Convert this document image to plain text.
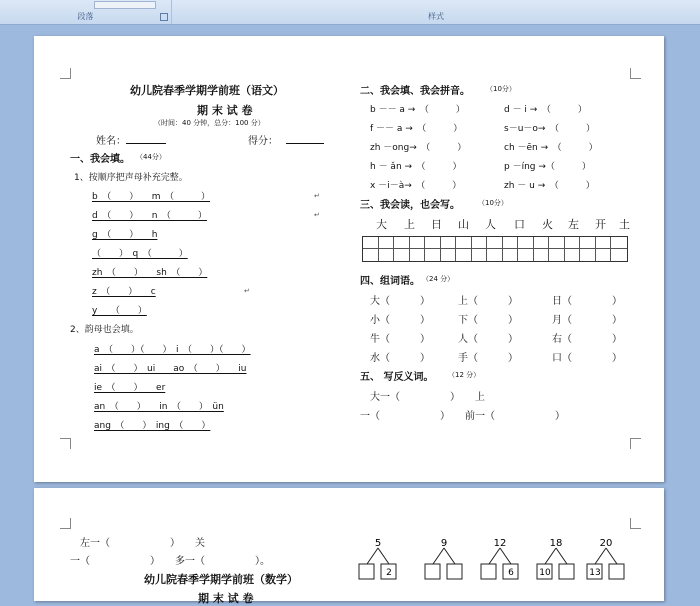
段落	样式
幼儿院春季学期学前班（语文）
期 末 试 卷
（时间：40 分钟，总分：100 分）
姓名：	得分：
一、我会填。 （44分）
1、按顺序把声母补充完整。
b　（　　）　　m　（　　　）
d　（　　）　　n　（　　　）
g　（　　）　　h
（　　）　q　（　　　）
zh　（　　）　　sh　（　　）
z　（　　）　　c
y　　（　　）
↵
↵
↵
2、韵母也会填。
a　（　　）（　　）　i　（　　）（　　）
ai　（　　）　ui　　ao　（　　）　　iu
ie　（　　）　　er
an　（　　）　　in　（　　）　ün
ang　（　　）　ing　（　　）
二、我会填、我会拼音。 （10分）
b －－ a →　（　　　）	d － i →　（　　　）
f －－ a →　（　　　）	s－u－o→　（　　　）
zh －ong→　（　　　）	ch －ēn →　（　　　）
h － ǎn →　（　　　）	p －íng →（　　　）
x －i－à→　（　　　）	zh － u →　（　　　）
三、我会读，也会写。	（10分）
大 上 日 山 人 口 火 左 开 土
四、组词语。 （24 分）
大（　　　）	上（　　　）	日（　　　　）
小（　　　）	下（　　　）	月（　　　　）
牛（　　　）	人（　　　）	右（　　　　）
水（　　　）	手（　　　）	口（　　　　）
五、 写反义词。 （12 分）
大一（　　　　　）　　上
一（　　　　　　）　　前一（　　　　　　）
左一（　　　　　　）　　关
一（　　　　　　）　　多一（　　　　　）。
幼儿院春季学期学前班（数学）
期 末 试 卷
5
2
9	12
6
18
10
20
13
